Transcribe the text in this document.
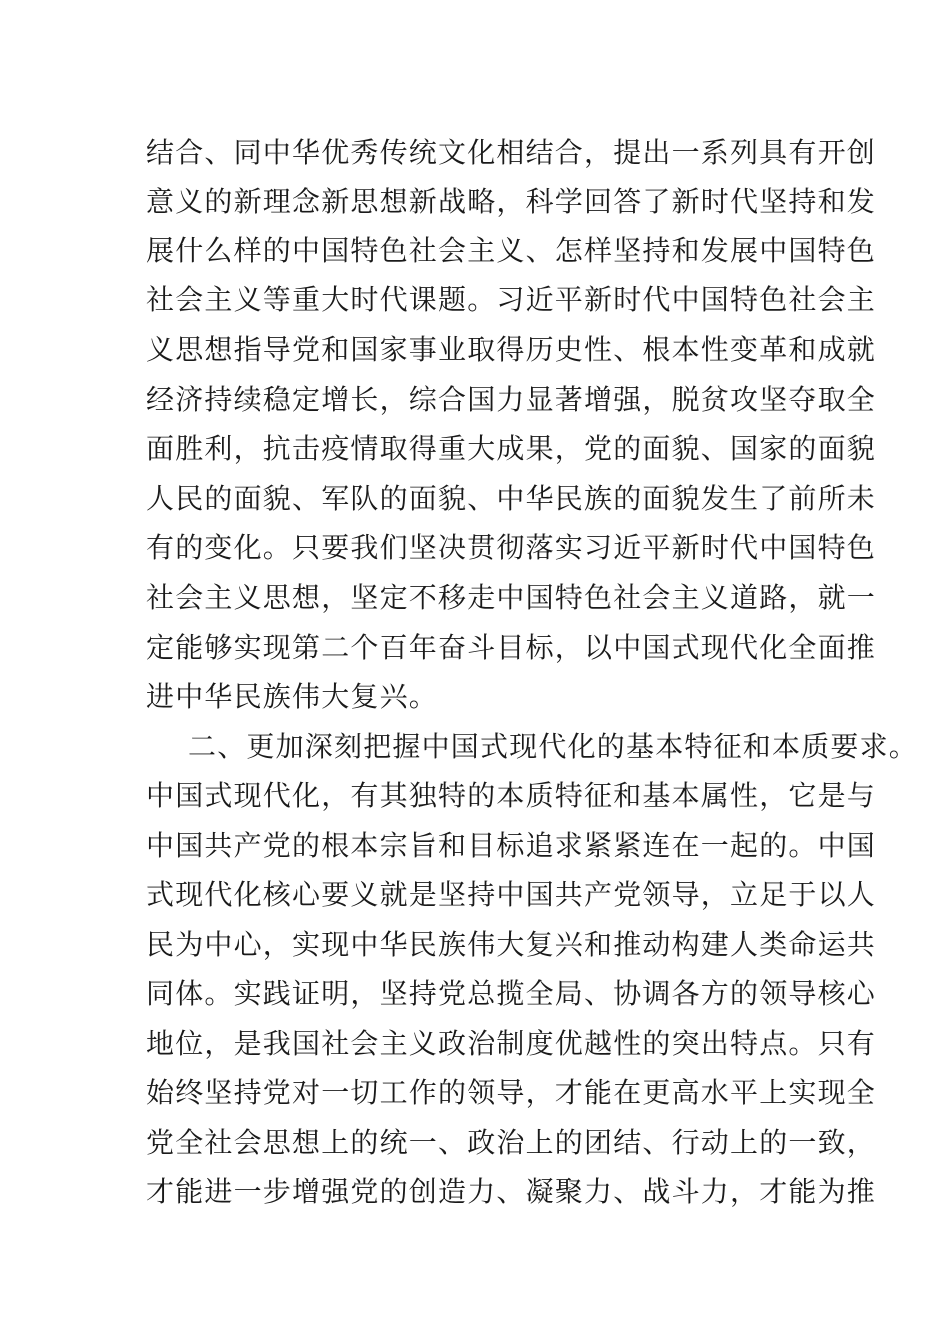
结合、同中华优秀传统文化相结合，提出一系列具有开创

意义的新理念新思想新战略，科学回答了新时代坚持和发

展什么样的中国特色社会主义、怎样坚持和发展中国特色

社会主义等重大时代课题。习近平新时代中国特色社会主

义思想指导党和国家事业取得历史性、根本性变革和成就

经济持续稳定增长，综合国力显著增强，脱贫攻坚夺取全

面胜利，抗击疫情取得重大成果，党的面貌、国家的面貌

人民的面貌、军队的面貌、中华民族的面貌发生了前所未

有的变化。只要我们坚决贯彻落实习近平新时代中国特色

社会主义思想，坚定不移走中国特色社会主义道路，就一

定能够实现第二个百年奋斗目标，以中国式现代化全面推

进中华民族伟大复兴。

二、更加深刻把握中国式现代化的基本特征和本质要求。

中国式现代化，有其独特的本质特征和基本属性，它是与

中国共产党的根本宗旨和目标追求紧紧连在一起的。中国

式现代化核心要义就是坚持中国共产党领导，立足于以人

民为中心，实现中华民族伟大复兴和推动构建人类命运共

同体。实践证明，坚持党总揽全局、协调各方的领导核心

地位，是我国社会主义政治制度优越性的突出特点。只有

始终坚持党对一切工作的领导，才能在更高水平上实现全

党全社会思想上的统一、政治上的团结、行动上的一致，

才能进一步增强党的创造力、凝聚力、战斗力，才能为推
